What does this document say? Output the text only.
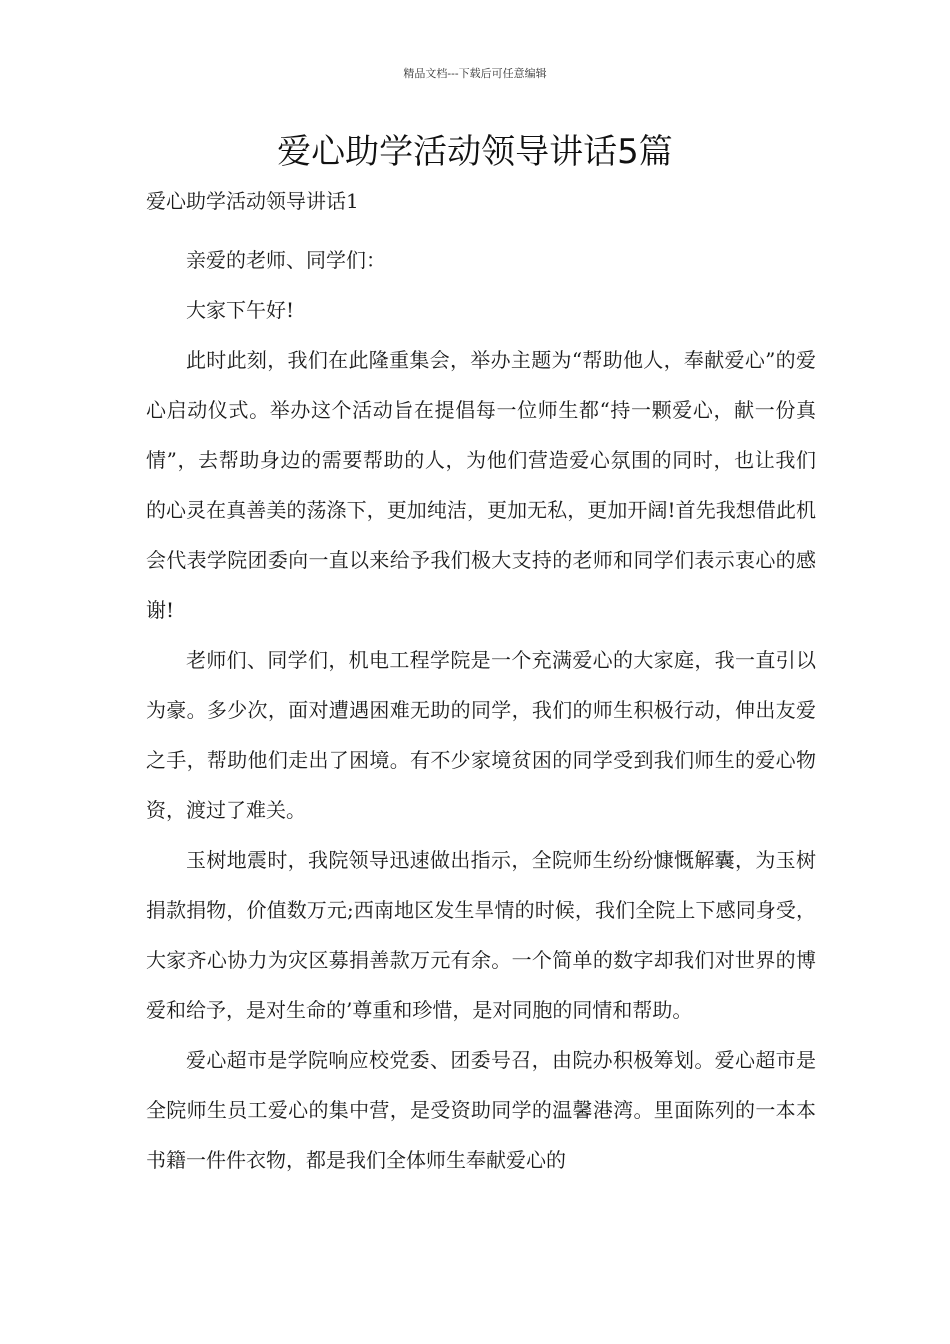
精品文档---下载后可任意编辑
爱心助学活动领导讲话5篇
爱心助学活动领导讲话1

亲爱的老师、同学们：

大家下午好!

此时此刻，我们在此隆重集会，举办主题为“帮助他人，奉献爱心”的爱心启动仪式。举办这个活动旨在提倡每一位师生都“持一颗爱心，献一份真情”，去帮助身边的需要帮助的人，为他们营造爱心氛围的同时，也让我们的心灵在真善美的荡涤下，更加纯洁，更加无私，更加开阔!首先我想借此机会代表学院团委向一直以来给予我们极大支持的老师和同学们表示衷心的感谢!

老师们、同学们，机电工程学院是一个充满爱心的大家庭，我一直引以为豪。多少次，面对遭遇困难无助的同学，我们的师生积极行动，伸出友爱之手，帮助他们走出了困境。有不少家境贫困的同学受到我们师生的爱心物资，渡过了难关。

玉树地震时，我院领导迅速做出指示，全院师生纷纷慷慨解囊，为玉树捐款捐物，价值数万元;西南地区发生旱情的时候，我们全院上下感同身受，大家齐心协力为灾区募捐善款万元有余。一个简单的数字却我们对世界的博爱和给予，是对生命的’尊重和珍惜，是对同胞的同情和帮助。

爱心超市是学院响应校党委、团委号召，由院办积极筹划。爱心超市是全院师生员工爱心的集中营，是受资助同学的温馨港湾。里面陈列的一本本书籍一件件衣物，都是我们全体师生奉献爱心的
